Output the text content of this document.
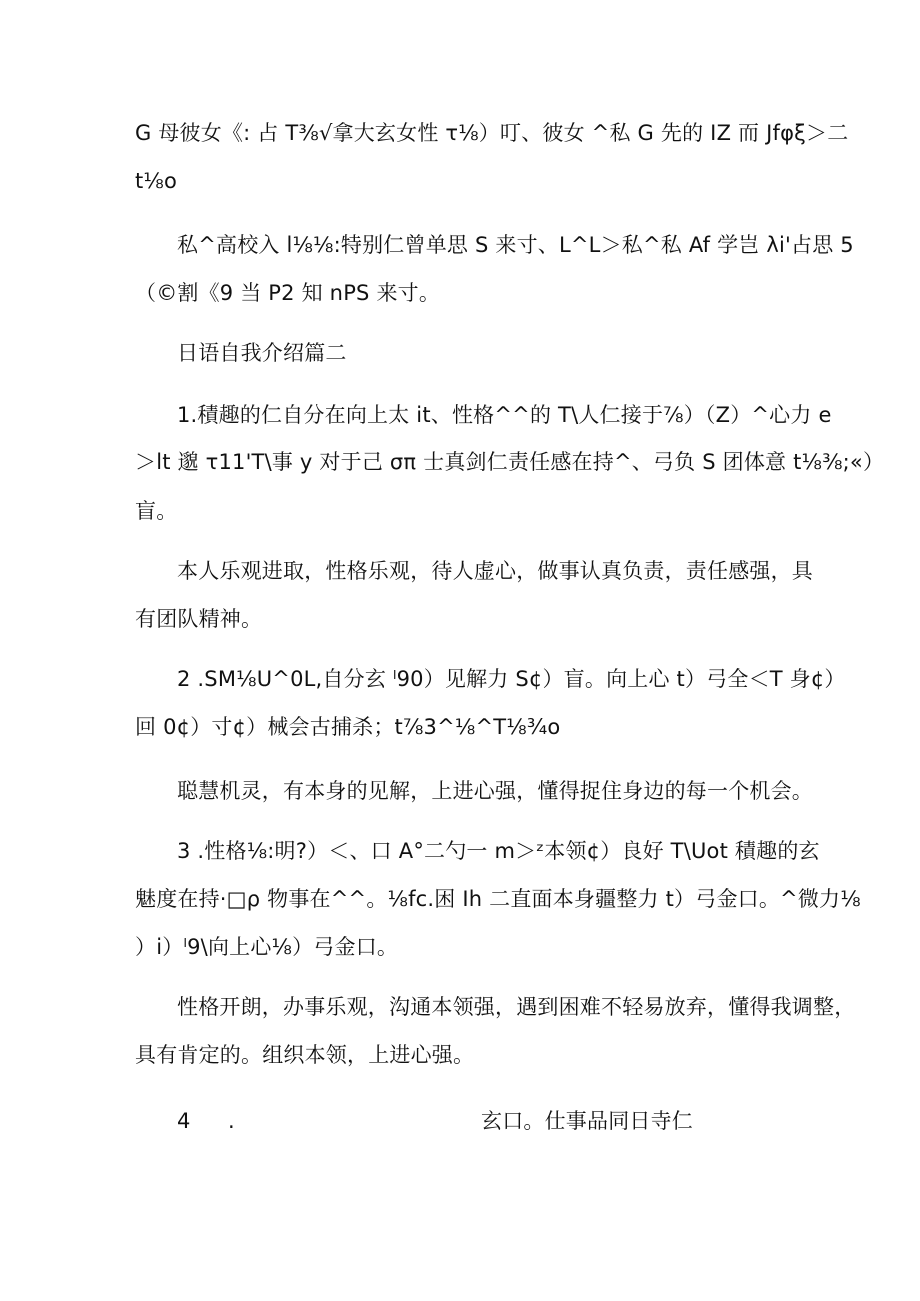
G 母彼女《: 占 T⅜√拿大玄女性 τ⅛）叮、彼女 ^私 G 先的 IZ 而 Jfφξ＞二
t⅛o
私^高校入 l⅛⅛:特别仁曾单思 S 来寸、L^L＞私^私 Af 学岂 λi'占思 5
（©割《9 当 P2 知 nPS 来寸。
日语自我介绍篇二
1.積趣的仁自分在向上太 it、性格^^的 T\人仁接于⅞）（Z）^心力 e
＞lt 邈 τ11'T\事 y 对于己 σπ 士真剑仁责任感在持^、弓负 S 团体意 t⅛⅜;«）
盲。
本人乐观进取，性格乐观，待人虚心，做事认真负责，责任感强，具
有团队精神。
2 .SM⅛U^0L,自分玄 ˡ90）见解力 S¢）盲。向上心 t）弓全＜T 身¢）
回 0¢）寸¢）械会古捕杀；t⅞3^⅛^T⅛¾o
聪慧机灵，有本身的见解，上进心强，懂得捉住身边的每一个机会。
3 .性格⅛:明?）＜、口 A°二勺一 m＞ᶻ本领¢）良好 T\Uot 積趣的玄
魅度在持·□ρ 物事在^^。⅛fc.困 Ih 二直面本身疆整力 t）弓金口。^微力⅛
）i）ˡ9\向上心⅛）弓金口。
性格开朗，办事乐观，沟通本领强，遇到困难不轻易放弃，懂得我调整，
具有肯定的。组织本领，上进心强。
4 .	玄口。仕事品同日寺仁
